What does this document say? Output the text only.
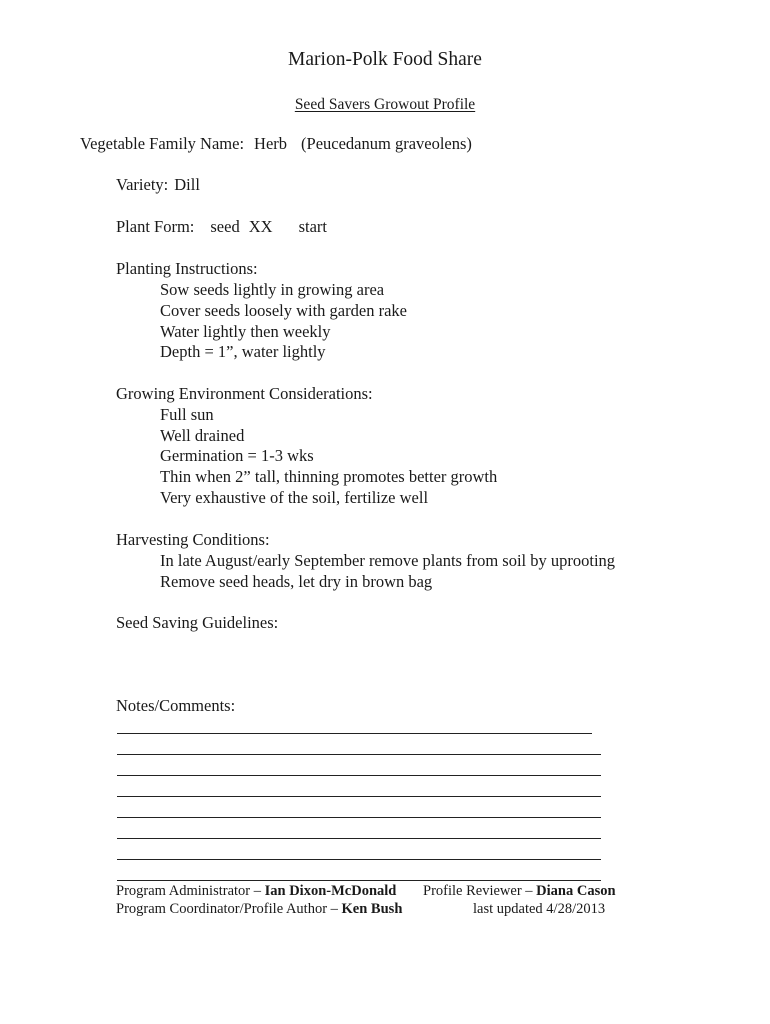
Marion-Polk Food Share
Seed Savers Growout Profile
Vegetable Family Name: Herb (Peucedanum graveolens)
Variety: Dill
Plant Form: seed XX start
Planting Instructions:
Sow seeds lightly in growing area
Cover seeds loosely with garden rake
Water lightly then weekly
Depth = 1”, water lightly
Growing Environment Considerations:
Full sun
Well drained
Germination = 1-3 wks
Thin when 2” tall, thinning promotes better growth
Very exhaustive of the soil, fertilize well
Harvesting Conditions:
In late August/early September remove plants from soil by uprooting
Remove seed heads, let dry in brown bag
Seed Saving Guidelines:
Notes/Comments:
Program Administrator – Ian Dixon-McDonald Profile Reviewer – Diana Cason
Program Coordinator/Profile Author – Ken Bush	last updated 4/28/2013
